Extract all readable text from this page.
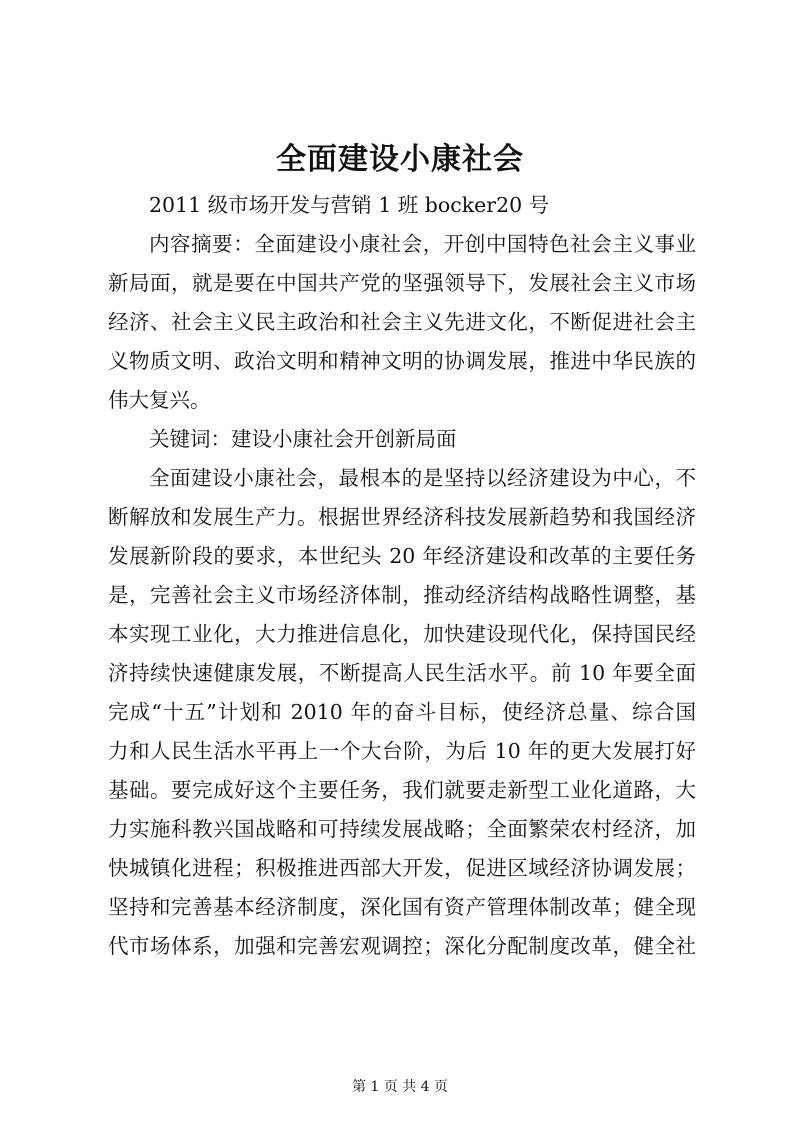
全面建设小康社会
2011 级市场开发与营销 1 班 bocker20 号
内容摘要：全面建设小康社会，开创中国特色社会主义事业
新局面，就是要在中国共产党的坚强领导下，发展社会主义市场
经济、社会主义民主政治和社会主义先进文化，不断促进社会主
义物质文明、政治文明和精神文明的协调发展，推进中华民族的
伟大复兴。
关键词：建设小康社会开创新局面
全面建设小康社会，最根本的是坚持以经济建设为中心，不
断解放和发展生产力。根据世界经济科技发展新趋势和我国经济
发展新阶段的要求，本世纪头 20 年经济建设和改革的主要任务
是，完善社会主义市场经济体制，推动经济结构战略性调整，基
本实现工业化，大力推进信息化，加快建设现代化，保持国民经
济持续快速健康发展，不断提高人民生活水平。前 10 年要全面
完成“十五”计划和 2010 年的奋斗目标，使经济总量、综合国
力和人民生活水平再上一个大台阶，为后 10 年的更大发展打好
基础。要完成好这个主要任务，我们就要走新型工业化道路，大
力实施科教兴国战略和可持续发展战略；全面繁荣农村经济，加
快城镇化进程；积极推进西部大开发，促进区域经济协调发展；
坚持和完善基本经济制度，深化国有资产管理体制改革；健全现
代市场体系，加强和完善宏观调控；深化分配制度改革，健全社
第 1 页 共 4 页
